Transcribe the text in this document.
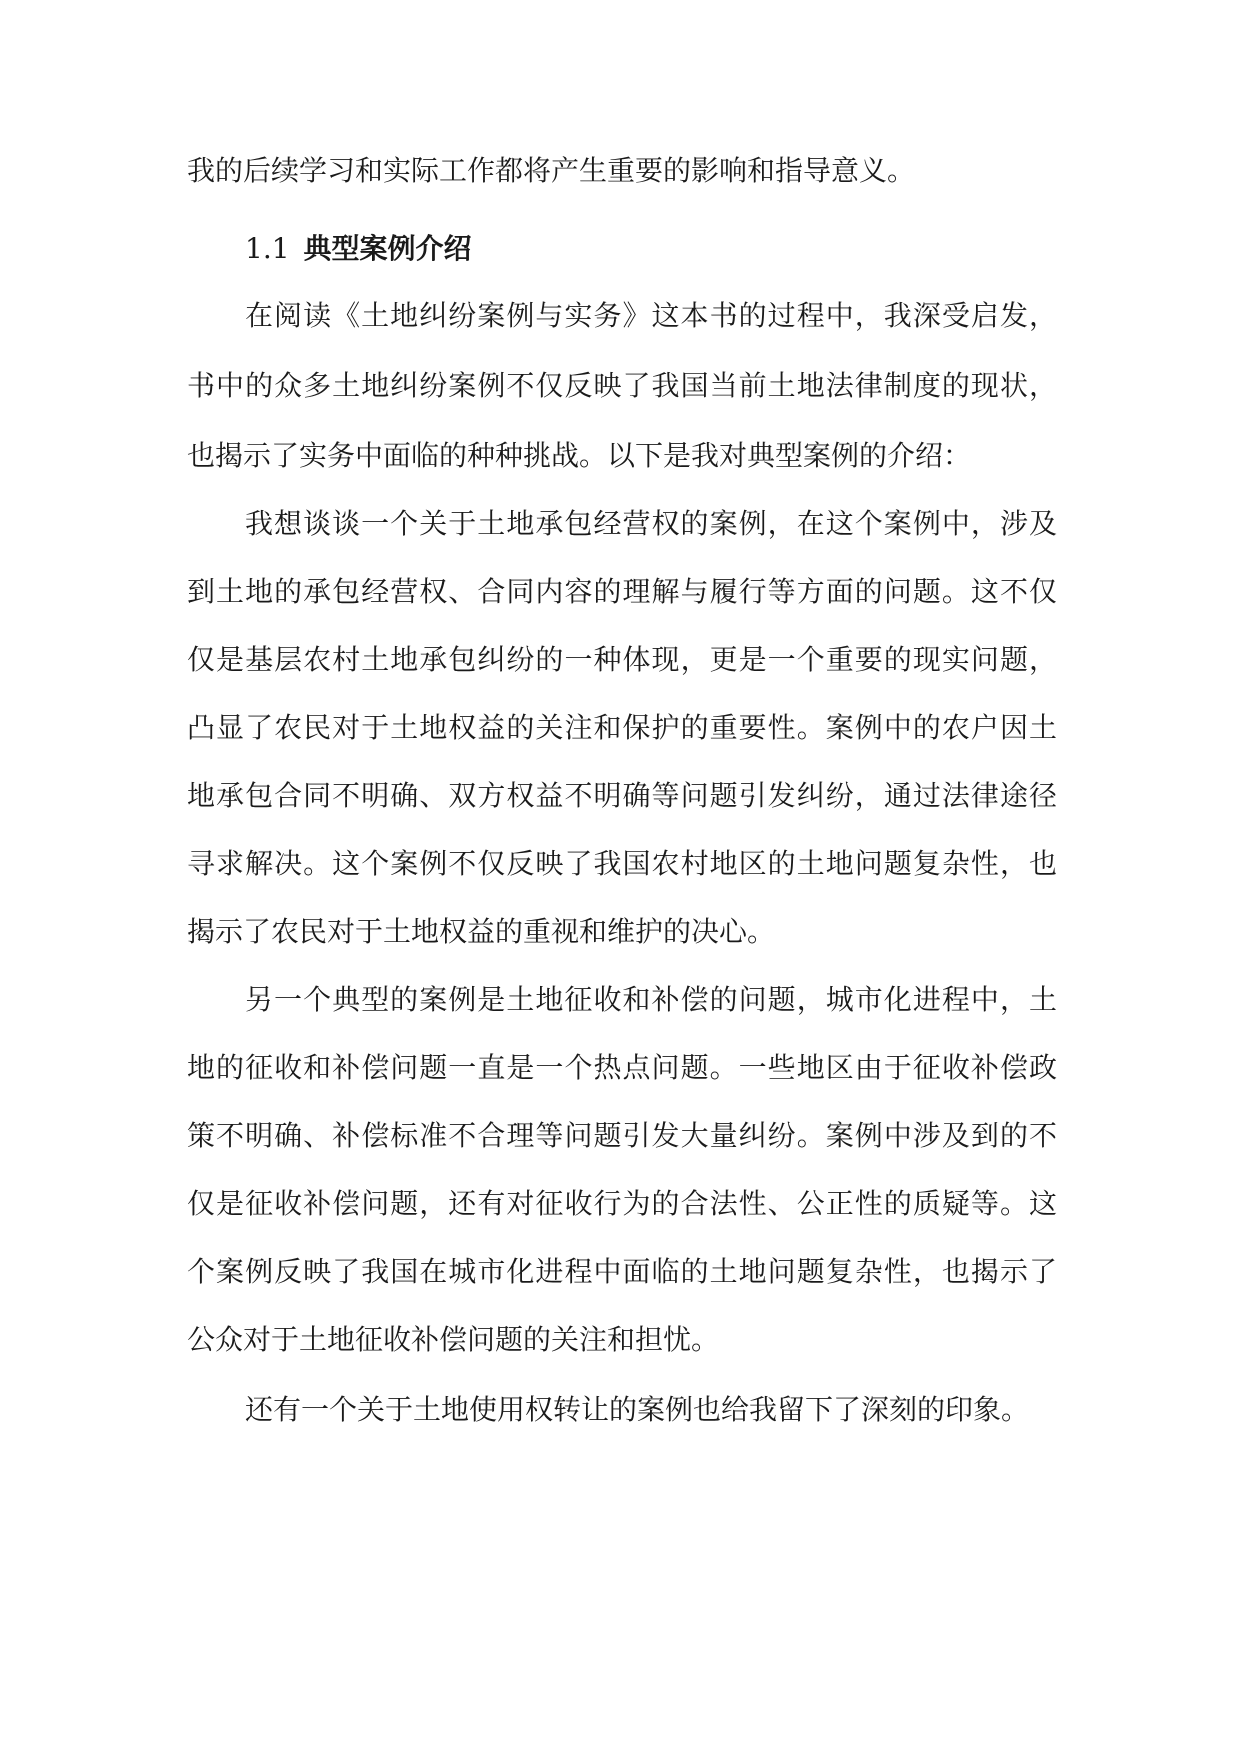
我的后续学习和实际工作都将产生重要的影响和指导意义。
1.1 典型案例介绍
在阅读《土地纠纷案例与实务》这本书的过程中，我深受启发，
书中的众多土地纠纷案例不仅反映了我国当前土地法律制度的现状，
也揭示了实务中面临的种种挑战。以下是我对典型案例的介绍：
我想谈谈一个关于土地承包经营权的案例，在这个案例中，涉及
到土地的承包经营权、合同内容的理解与履行等方面的问题。这不仅
仅是基层农村土地承包纠纷的一种体现，更是一个重要的现实问题，
凸显了农民对于土地权益的关注和保护的重要性。案例中的农户因土
地承包合同不明确、双方权益不明确等问题引发纠纷，通过法律途径
寻求解决。这个案例不仅反映了我国农村地区的土地问题复杂性，也
揭示了农民对于土地权益的重视和维护的决心。
另一个典型的案例是土地征收和补偿的问题，城市化进程中，土
地的征收和补偿问题一直是一个热点问题。一些地区由于征收补偿政
策不明确、补偿标准不合理等问题引发大量纠纷。案例中涉及到的不
仅是征收补偿问题，还有对征收行为的合法性、公正性的质疑等。这
个案例反映了我国在城市化进程中面临的土地问题复杂性，也揭示了
公众对于土地征收补偿问题的关注和担忧。
还有一个关于土地使用权转让的案例也给我留下了深刻的印象。
